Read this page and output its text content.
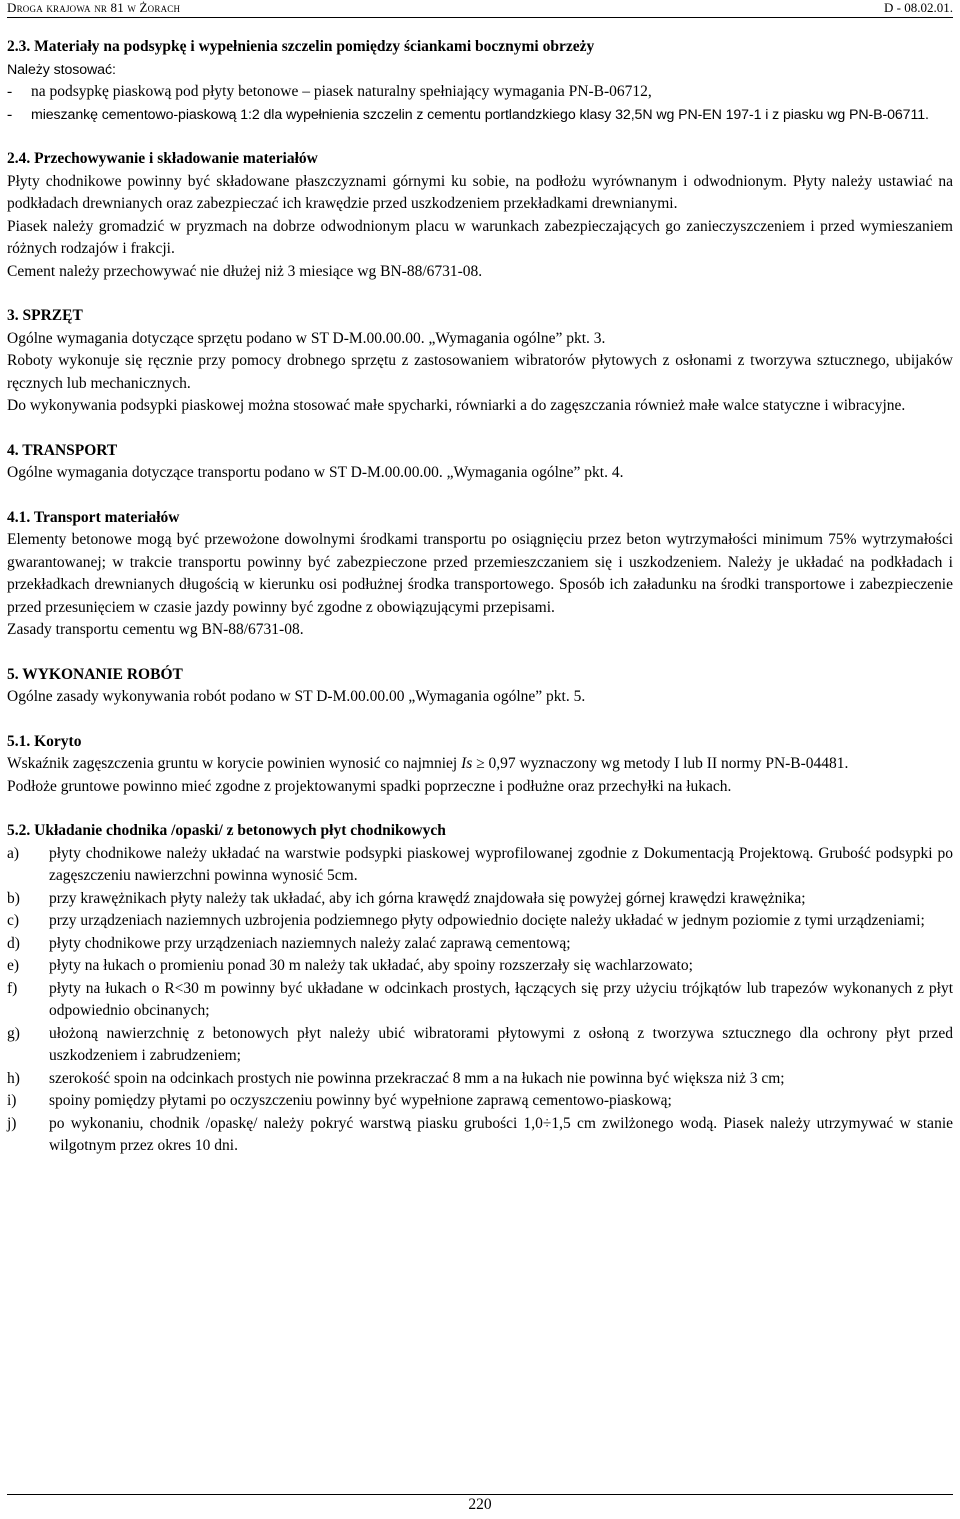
Droga krajowa nr 81 w Żorach	D - 08.02.01.

2.3. Materiały na podsypkę i wypełnienia szczelin pomiędzy ściankami bocznymi obrzeży

Należy stosować:

-	na podsypkę piaskową pod płyty betonowe – piasek naturalny spełniający wymagania PN-B-06712,
-	mieszankę cementowo-piaskową 1:2 dla wypełnienia szczelin z cementu portlandzkiego klasy 32,5N wg PN-EN 197-1 i z piasku wg PN-B-06711.

2.4. Przechowywanie i składowanie materiałów

Płyty chodnikowe powinny być składowane płaszczyznami górnymi ku sobie, na podłożu wyrównanym i odwodnionym. Płyty należy ustawiać na podkładach drewnianych oraz zabezpieczać ich krawędzie przed uszkodzeniem przekładkami drewnianymi.

Piasek należy gromadzić w pryzmach na dobrze odwodnionym placu w warunkach zabezpieczających go zanieczyszczeniem i przed wymieszaniem różnych rodzajów i frakcji.

Cement należy przechowywać nie dłużej niż 3 miesiące wg BN-88/6731-08.

3. SPRZĘT

Ogólne wymagania dotyczące sprzętu podano w ST D-M.00.00.00. „Wymagania ogólne” pkt. 3.

Roboty wykonuje się ręcznie przy pomocy drobnego sprzętu z zastosowaniem wibratorów płytowych z osłonami z tworzywa sztucznego, ubijaków ręcznych lub mechanicznych.

Do wykonywania podsypki piaskowej można stosować małe spycharki, równiarki a do zagęszczania również małe walce statyczne i wibracyjne.

4. TRANSPORT

Ogólne wymagania dotyczące transportu podano w ST D-M.00.00.00. „Wymagania ogólne” pkt. 4.

4.1. Transport materiałów

Elementy betonowe mogą być przewożone dowolnymi środkami transportu po osiągnięciu przez beton wytrzymałości minimum 75% wytrzymałości gwarantowanej; w trakcie transportu powinny być zabezpieczone przed przemieszczaniem się i uszkodzeniem. Należy je układać na podkładach i przekładkach drewnianych długością w kierunku osi podłużnej środka transportowego. Sposób ich załadunku na środki transportowe i zabezpieczenie przed przesunięciem w czasie jazdy powinny być zgodne z obowiązującymi przepisami.

Zasady transportu cementu wg BN-88/6731-08.

5. WYKONANIE ROBÓT

Ogólne zasady wykonywania robót podano w ST D-M.00.00.00 „Wymagania ogólne” pkt. 5.

5.1. Koryto

Wskaźnik zagęszczenia gruntu w korycie powinien wynosić co najmniej Is ≥ 0,97 wyznaczony wg metody I lub II normy PN-B-04481.

Podłoże gruntowe powinno mieć zgodne z projektowanymi spadki poprzeczne i podłużne oraz przechyłki na łukach.

5.2. Układanie chodnika /opaski/ z betonowych płyt chodnikowych

a)	płyty chodnikowe należy układać na warstwie podsypki piaskowej wyprofilowanej zgodnie z Dokumentacją Projektową. Grubość podsypki po zagęszczeniu nawierzchni powinna wynosić 5cm.
b)	przy krawężnikach płyty należy tak układać, aby ich górna krawędź znajdowała się powyżej górnej krawędzi krawężnika;
c)	przy urządzeniach naziemnych uzbrojenia podziemnego płyty odpowiednio docięte należy układać w jednym poziomie z tymi urządzeniami;
d)	płyty chodnikowe przy urządzeniach naziemnych należy zalać zaprawą cementową;
e)	płyty na łukach o promieniu ponad 30 m należy tak układać, aby spoiny rozszerzały się wachlarzowato;
f)	płyty na łukach o R<30 m powinny być układane w odcinkach prostych, łączących się przy użyciu trójkątów lub trapezów wykonanych z płyt odpowiednio obcinanych;
g)	ułożoną nawierzchnię z betonowych płyt należy ubić wibratorami płytowymi z osłoną z tworzywa sztucznego dla ochrony płyt przed uszkodzeniem i zabrudzeniem;
h)	szerokość spoin na odcinkach prostych nie powinna przekraczać 8 mm a na łukach nie powinna być większa niż 3 cm;
i)	spoiny pomiędzy płytami po oczyszczeniu powinny być wypełnione zaprawą cementowo-piaskową;
j)	po wykonaniu, chodnik /opaskę/ należy pokryć warstwą piasku grubości 1,0÷1,5 cm zwilżonego wodą. Piasek należy utrzymywać w stanie wilgotnym przez okres 10 dni.
220
